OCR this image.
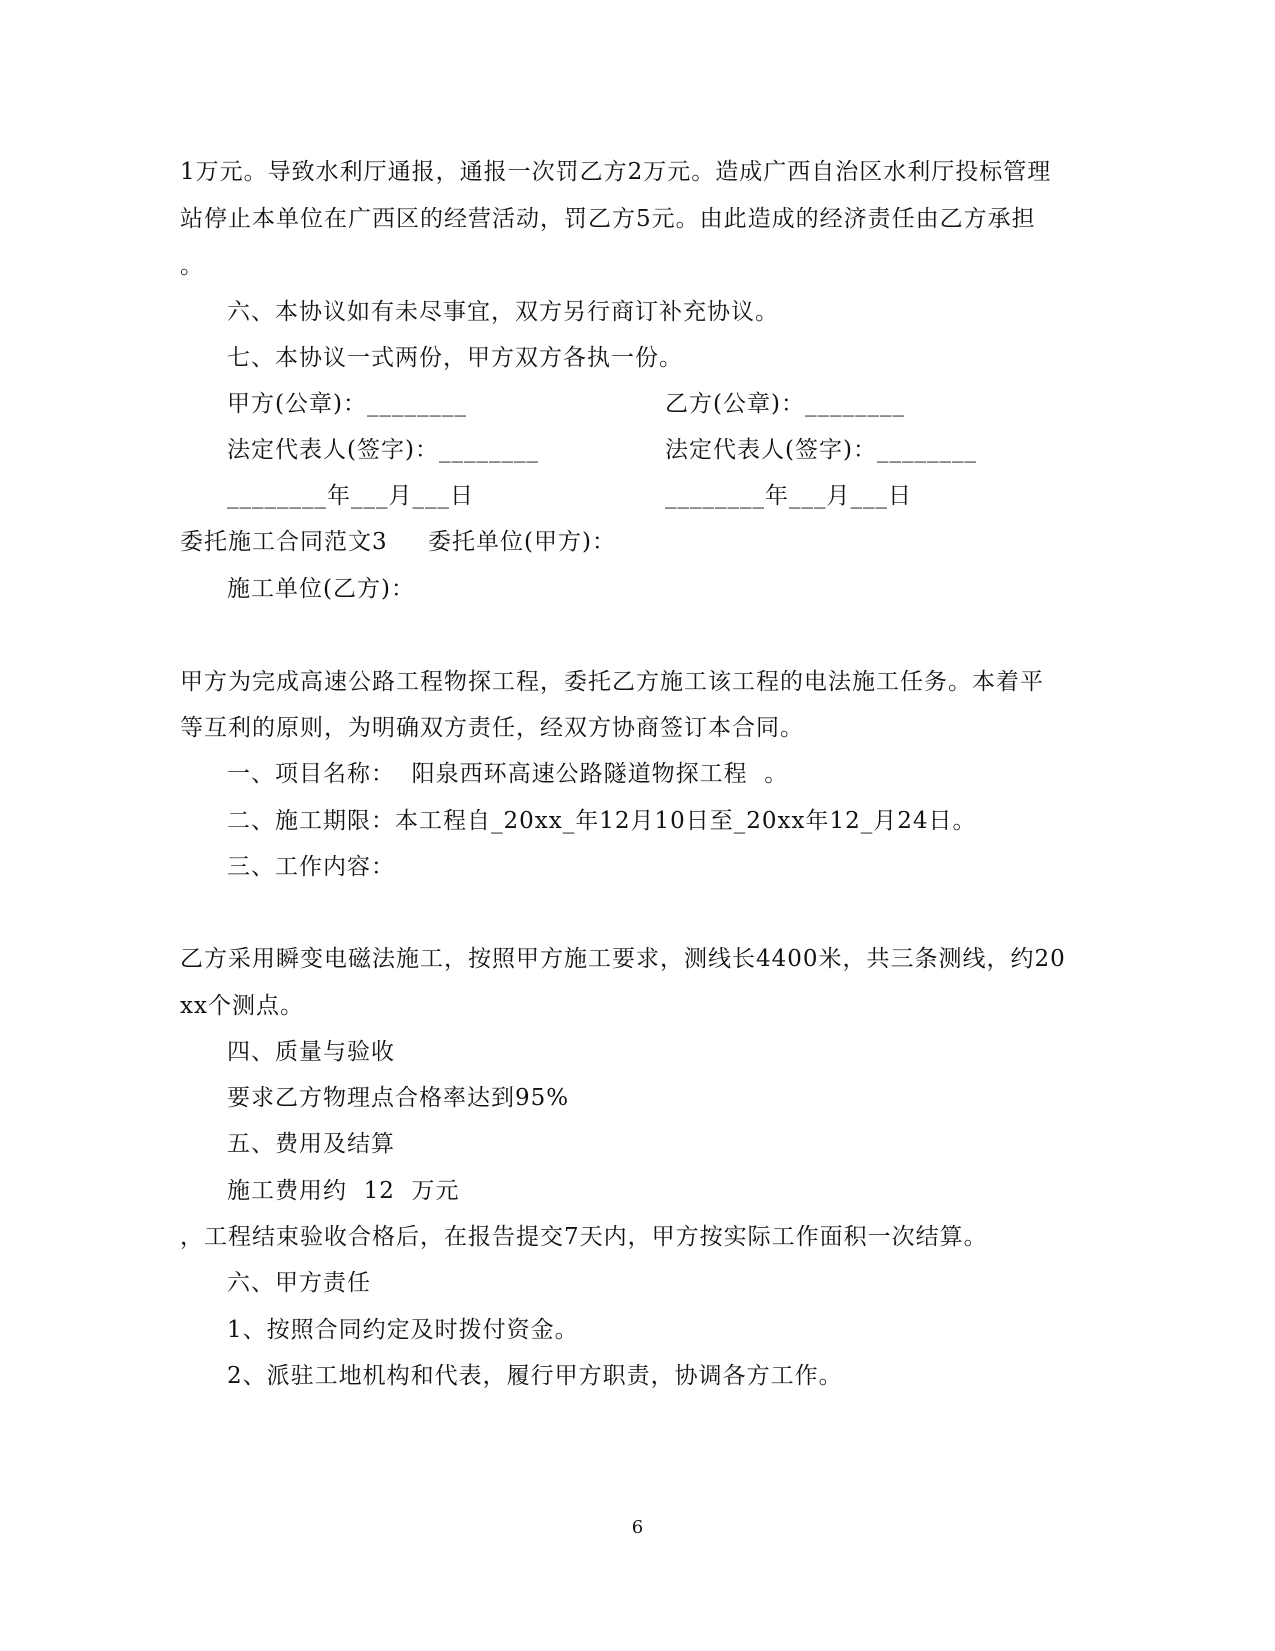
1万元。导致水利厅通报，通报一次罚乙方2万元。造成广西自治区水利厅投标管理
站停止本单位在广西区的经营活动，罚乙方5元。由此造成的经济责任由乙方承担
。
六、本协议如有未尽事宜，双方另行商订补充协议。
七、本协议一式两份，甲方双方各执一份。
甲方(公章)：________	乙方(公章)：________
法定代表人(签字)：________	法定代表人(签字)：________
________年___月___日	________年___月___日
委托施工合同范文3 委托单位(甲方)：
施工单位(乙方)：
甲方为完成高速公路工程物探工程，委托乙方施工该工程的电法施工任务。本着平
等互利的原则，为明确双方责任，经双方协商签订本合同。
一、项目名称：  阳泉西环高速公路隧道物探工程  。
二、施工期限：本工程自_20xx_年12月10日至_20xx年12_月24日。
三、工作内容：
乙方采用瞬变电磁法施工，按照甲方施工要求，测线长4400米，共三条测线，约20
xx个测点。
四、质量与验收
要求乙方物理点合格率达到95%
五、费用及结算
施工费用约  12  万元
，工程结束验收合格后，在报告提交7天内，甲方按实际工作面积一次结算。
六、甲方责任
1、按照合同约定及时拨付资金。
2、派驻工地机构和代表，履行甲方职责，协调各方工作。
6
